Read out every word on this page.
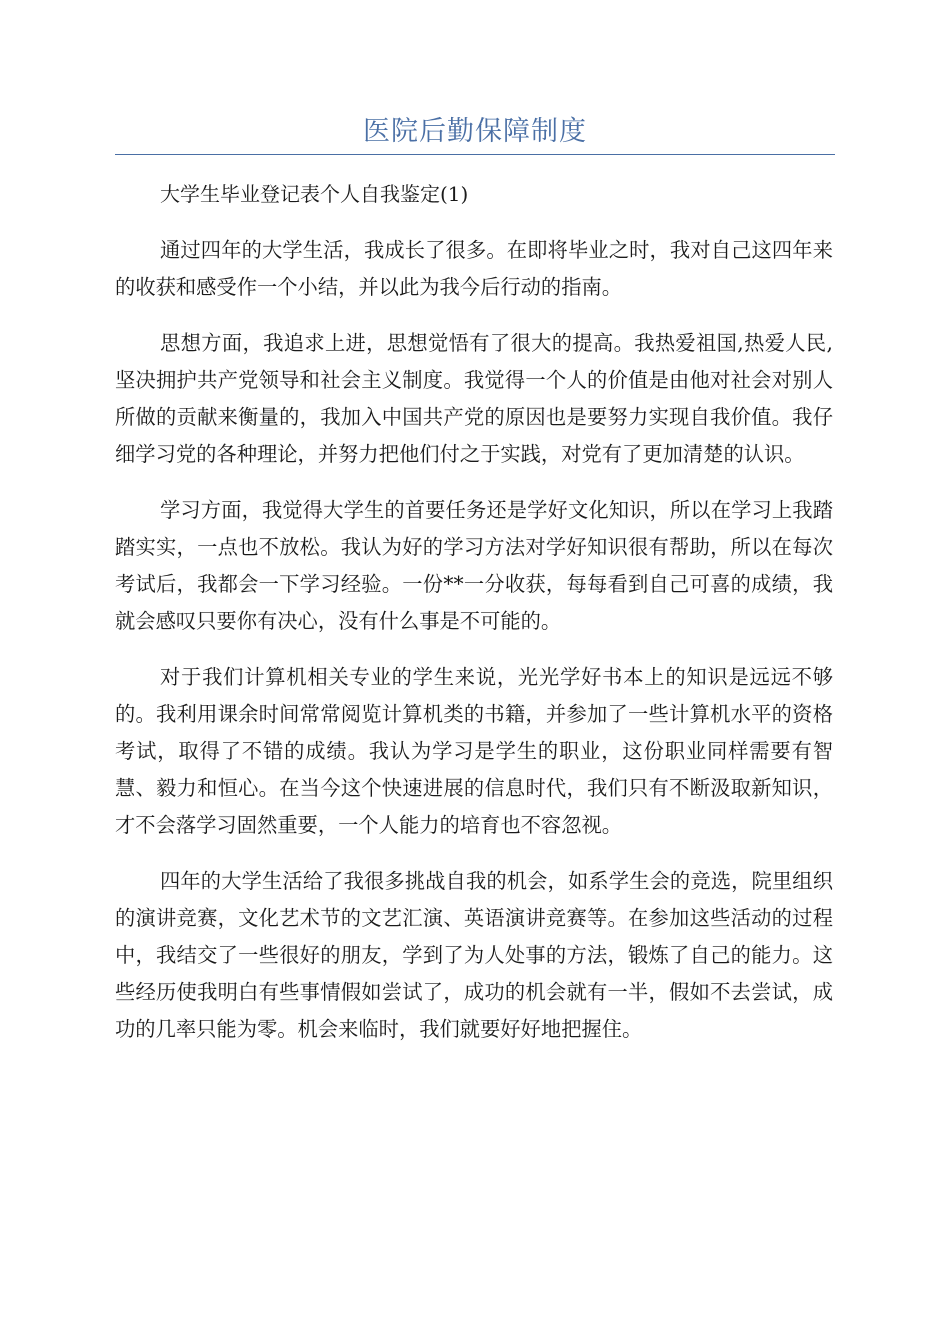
医院后勤保障制度

大学生毕业登记表个人自我鉴定(1)

通过四年的大学生活，我成长了很多。在即将毕业之时，我对自己这四年来的收获和感受作一个小结，并以此为我今后行动的指南。

思想方面，我追求上进，思想觉悟有了很大的提高。我热爱祖国,热爱人民,坚决拥护共产党领导和社会主义制度。我觉得一个人的价值是由他对社会对别人所做的贡献来衡量的，我加入中国共产党的原因也是要努力实现自我价值。我仔细学习党的各种理论，并努力把他们付之于实践，对党有了更加清楚的认识。

学习方面，我觉得大学生的首要任务还是学好文化知识，所以在学习上我踏踏实实，一点也不放松。我认为好的学习方法对学好知识很有帮助，所以在每次考试后，我都会一下学习经验。一份**一分收获，每每看到自己可喜的成绩，我就会感叹只要你有决心，没有什么事是不可能的。

对于我们计算机相关专业的学生来说，光光学好书本上的知识是远远不够的。我利用课余时间常常阅览计算机类的书籍，并参加了一些计算机水平的资格考试，取得了不错的成绩。我认为学习是学生的职业，这份职业同样需要有智慧、毅力和恒心。在当今这个快速进展的信息时代，我们只有不断汲取新知识，才不会落学习固然重要，一个人能力的培育也不容忽视。

四年的大学生活给了我很多挑战自我的机会，如系学生会的竞选，院里组织的演讲竞赛，文化艺术节的文艺汇演、英语演讲竞赛等。在参加这些活动的过程中，我结交了一些很好的朋友，学到了为人处事的方法，锻炼了自己的能力。这些经历使我明白有些事情假如尝试了，成功的机会就有一半，假如不去尝试，成功的几率只能为零。机会来临时，我们就要好好地把握住。
